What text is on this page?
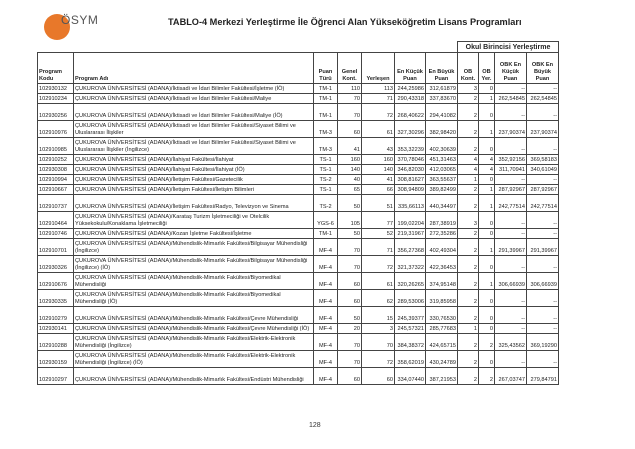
ÖSYM	TABLO-4 Merkezi Yerleştirme İle Öğrenci Alan Yükseköğretim Lisans Programları
							Okul Birincisi Yerleştirme			
Program Kodu	Program Adı	Puan Türü	Genel Kont.	Yerleşen	En Küçük Puan	En Büyük Puan	OB Kont.	OB Yer.	OBK En Küçük Puan	OBK En Büyük Puan
102930132	ÇUKUROVA ÜNİVERSİTESİ (ADANA)/İktisadi ve İdari Bilimler Fakültesi/İşletme (İÖ)	TM-1	110	113	244,25986	312,61879	3	0	--	--
102910234	ÇUKUROVA ÜNİVERSİTESİ (ADANA)/İktisadi ve İdari Bilimler Fakültesi/Maliye	TM-1	70	71	290,43318	337,83670	2	1	262,54845	262,54845
102930256	ÇUKUROVA ÜNİVERSİTESİ (ADANA)/İktisadi ve İdari Bilimler Fakültesi/Maliye (İÖ)	TM-1	70	72	268,40622	294,41082	2	0	--	--
102910976	ÇUKUROVA ÜNİVERSİTESİ (ADANA)/İktisadi ve İdari Bilimler Fakültesi/Siyaset Bilimi ve Uluslararası İlişkiler	TM-3	60	61	327,30296	382,98420	2	1	237,90374	237,90374
102910985	ÇUKUROVA ÜNİVERSİTESİ (ADANA)/İktisadi ve İdari Bilimler Fakültesi/Siyaset Bilimi ve Uluslararası İlişkiler (İngilizce)	TM-3	41	43	353,32239	402,30639	2	0	--	--
102910252	ÇUKUROVA ÜNİVERSİTESİ (ADANA)/İlahiyat Fakültesi/İlahiyat	TS-1	160	160	370,78046	451,31463	4	4	352,92156	369,58183
102930308	ÇUKUROVA ÜNİVERSİTESİ (ADANA)/İlahiyat Fakültesi/İlahiyat (İÖ)	TS-1	140	140	346,82030	412,03065	4	4	311,70941	340,61049
102910994	ÇUKUROVA ÜNİVERSİTESİ (ADANA)/İletişim Fakültesi/Gazetecilik	TS-2	40	41	308,81627	363,55637	1	0	--	--
102910667	ÇUKUROVA ÜNİVERSİTESİ (ADANA)/İletişim Fakültesi/İletişim Bilimleri	TS-1	65	66	308,94809	389,82499	2	1	287,92967	287,92967
102910737	ÇUKUROVA ÜNİVERSİTESİ (ADANA)/İletişim Fakültesi/Radyo, Televizyon ve Sinema	TS-2	50	51	335,66113	440,34497	2	1	242,77514	242,77514
102910464	ÇUKUROVA ÜNİVERSİTESİ (ADANA)/Karataş Turizm İşletmeciliği ve Otelcilik Yüksekokulu/Konaklama İşletmeciliği	YGS-6	105	77	199,02204	287,38919	3	0	--	--
102910746	ÇUKUROVA ÜNİVERSİTESİ (ADANA)/Kozan İşletme Fakültesi/İşletme	TM-1	50	52	219,31967	272,35286	2	0	--	--
102910701	ÇUKUROVA ÜNİVERSİTESİ (ADANA)/Mühendislik-Mimarlık Fakültesi/Bilgisayar Mühendisliği (İngilizce)	MF-4	70	71	356,27368	402,49304	2	1	291,39967	291,39967
102930326	ÇUKUROVA ÜNİVERSİTESİ (ADANA)/Mühendislik-Mimarlık Fakültesi/Bilgisayar Mühendisliği (İngilizce) (İÖ)	MF-4	70	72	321,37322	422,36453	2	0	--	--
102910676	ÇUKUROVA ÜNİVERSİTESİ (ADANA)/Mühendislik-Mimarlık Fakültesi/Biyomedikal Mühendisliği	MF-4	60	61	320,26265	374,95148	2	1	306,66939	306,66939
102930335	ÇUKUROVA ÜNİVERSİTESİ (ADANA)/Mühendislik-Mimarlık Fakültesi/Biyomedikal Mühendisliği (İÖ)	MF-4	60	62	289,53006	319,85958	2	0	--	--
102910279	ÇUKUROVA ÜNİVERSİTESİ (ADANA)/Mühendislik-Mimarlık Fakültesi/Çevre Mühendisliği	MF-4	50	15	245,39377	330,76530	2	0	--	--
102930141	ÇUKUROVA ÜNİVERSİTESİ (ADANA)/Mühendislik-Mimarlık Fakültesi/Çevre Mühendisliği (İÖ)	MF-4	20	3	245,57321	285,77683	1	0	--	--
102910288	ÇUKUROVA ÜNİVERSİTESİ (ADANA)/Mühendislik-Mimarlık Fakültesi/Elektrik-Elektronik Mühendisliği (İngilizce)	MF-4	70	70	384,38372	424,65715	2	2	325,43562	369,19290
102930159	ÇUKUROVA ÜNİVERSİTESİ (ADANA)/Mühendislik-Mimarlık Fakültesi/Elektrik-Elektronik Mühendisliği (İngilizce) (İÖ)	MF-4	70	72	358,62019	430,24789	2	0	--	--
102910297	ÇUKUROVA ÜNİVERSİTESİ (ADANA)/Mühendislik-Mimarlık Fakültesi/Endüstri Mühendisliği	MF-4	60	60	334,07440	387,21953	2	2	267,03747	279,84791
128
